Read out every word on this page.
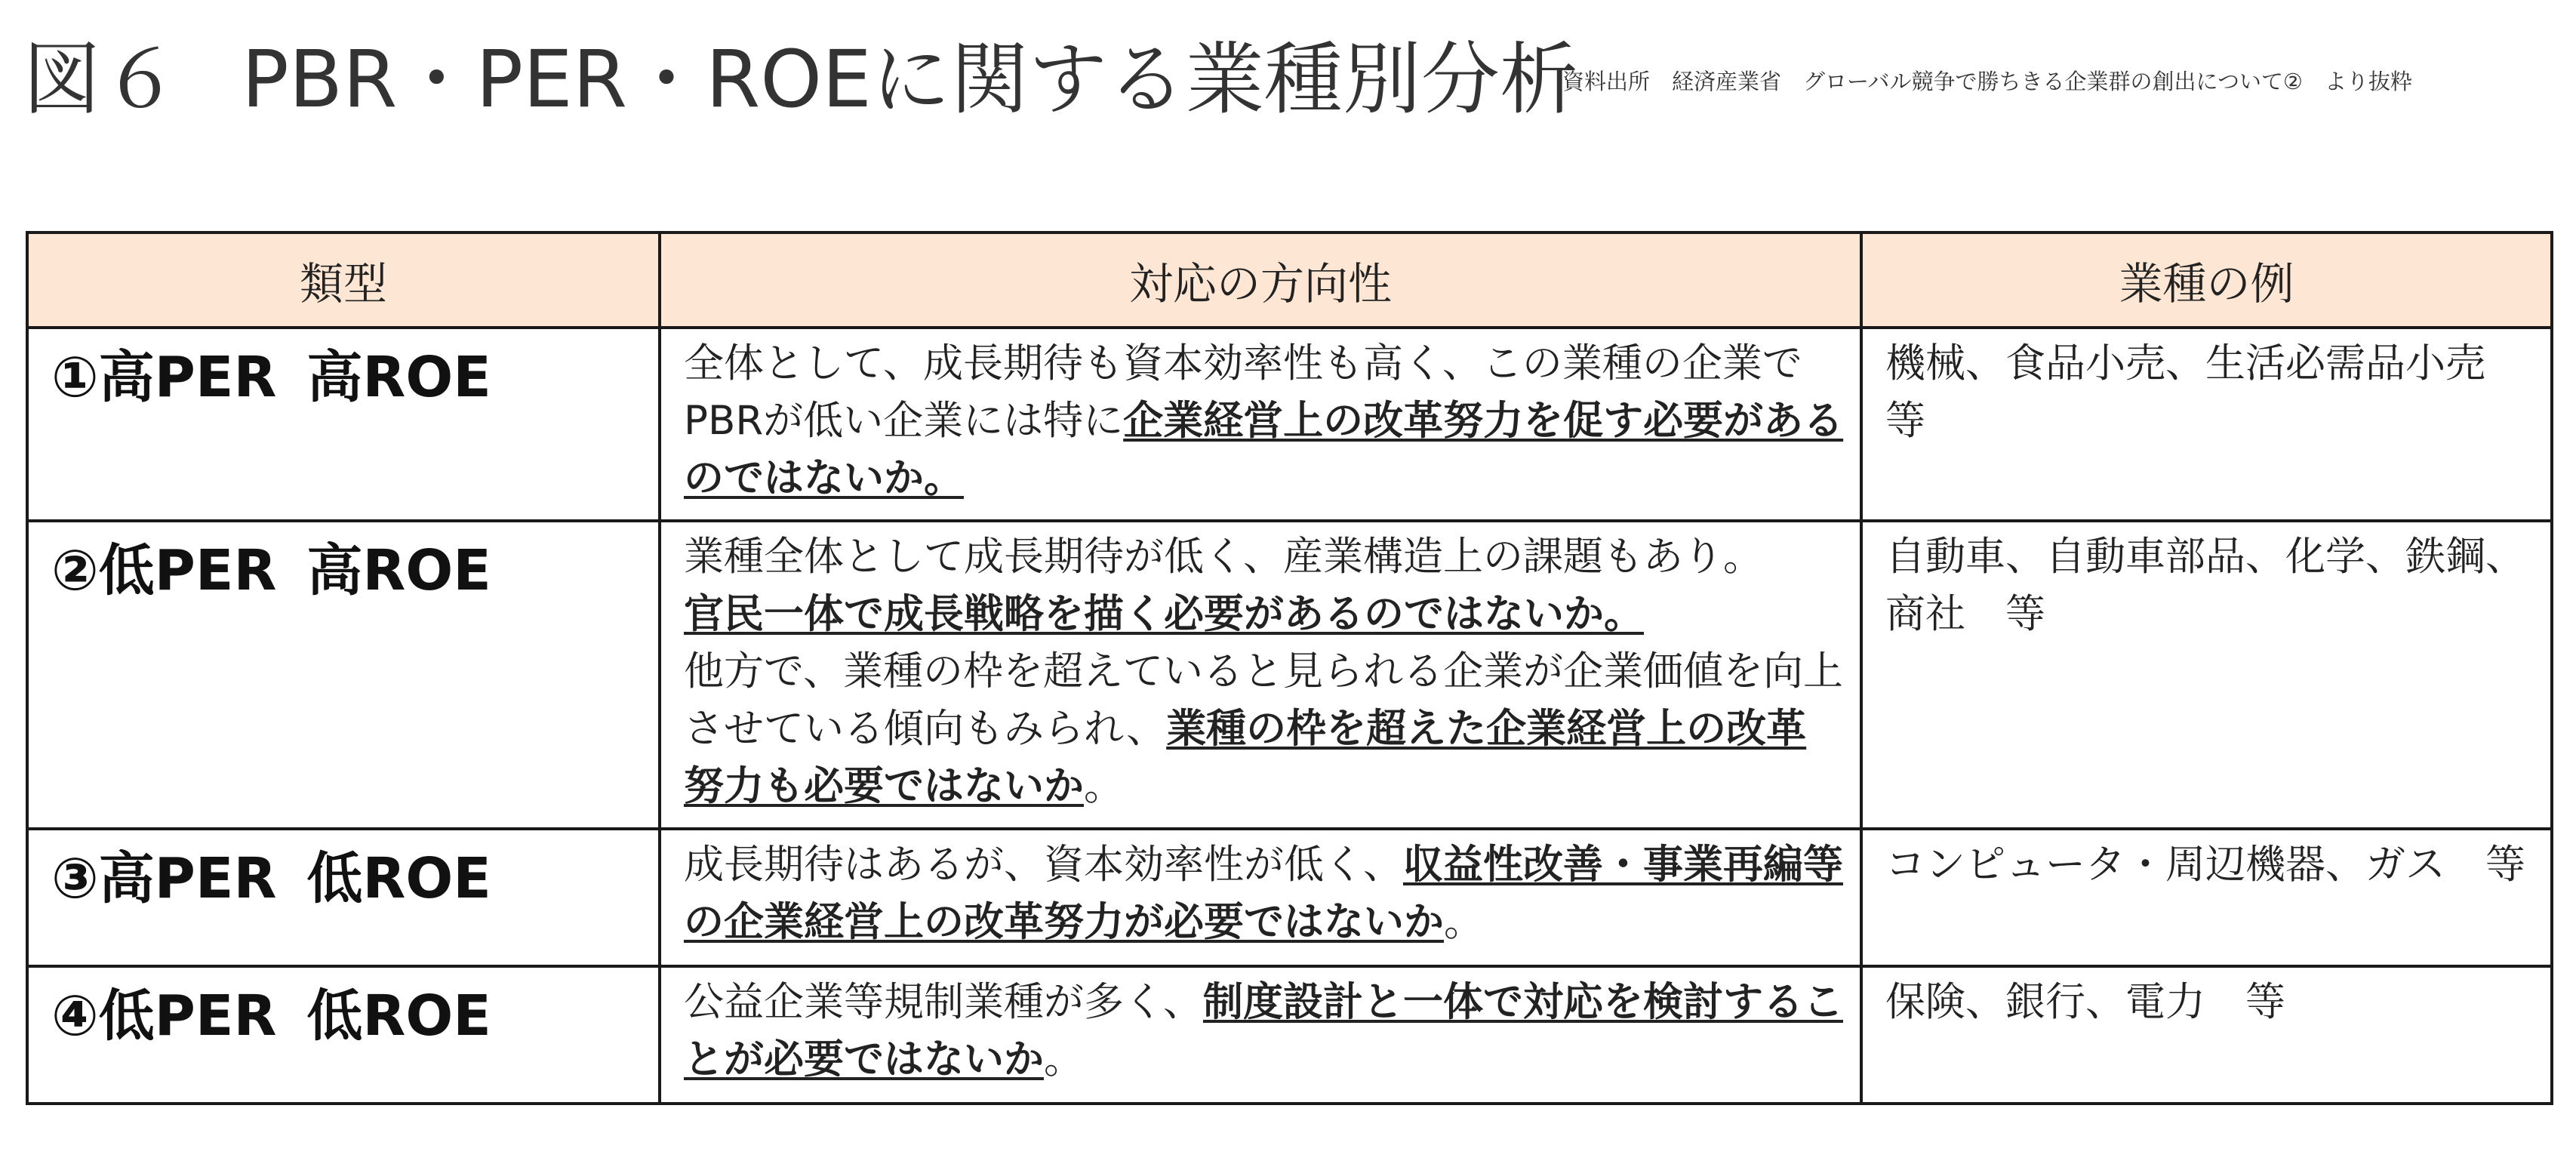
図６ PBR・PER・ROEに関する業種別分析
資料出所　経済産業省　グローバル競争で勝ちきる企業群の創出について②　より抜粋
類型	対応の方向性	業種の例
①高PER 高ROE	全体として、成長期待も資本効率性も高く、この業種の企業でPBRが低い企業には特に企業経営上の改革努力を促す必要があるのではないか。	機械、食品小売、生活必需品小売　等
②低PER 高ROE	業種全体として成長期待が低く、産業構造上の課題もあり。
官民一体で成長戦略を描く必要があるのではないか。
他方で、業種の枠を超えていると見られる企業が企業価値を向上させている傾向もみられ、業種の枠を超えた企業経営上の改革努力も必要ではないか。	自動車、自動車部品、化学、鉄鋼、商社　等
③高PER 低ROE	成長期待はあるが、資本効率性が低く、収益性改善・事業再編等の企業経営上の改革努力が必要ではないか。	コンピュータ・周辺機器、ガス　等
④低PER 低ROE	公益企業等規制業種が多く、制度設計と一体で対応を検討することが必要ではないか。	保険、銀行、電力　等
